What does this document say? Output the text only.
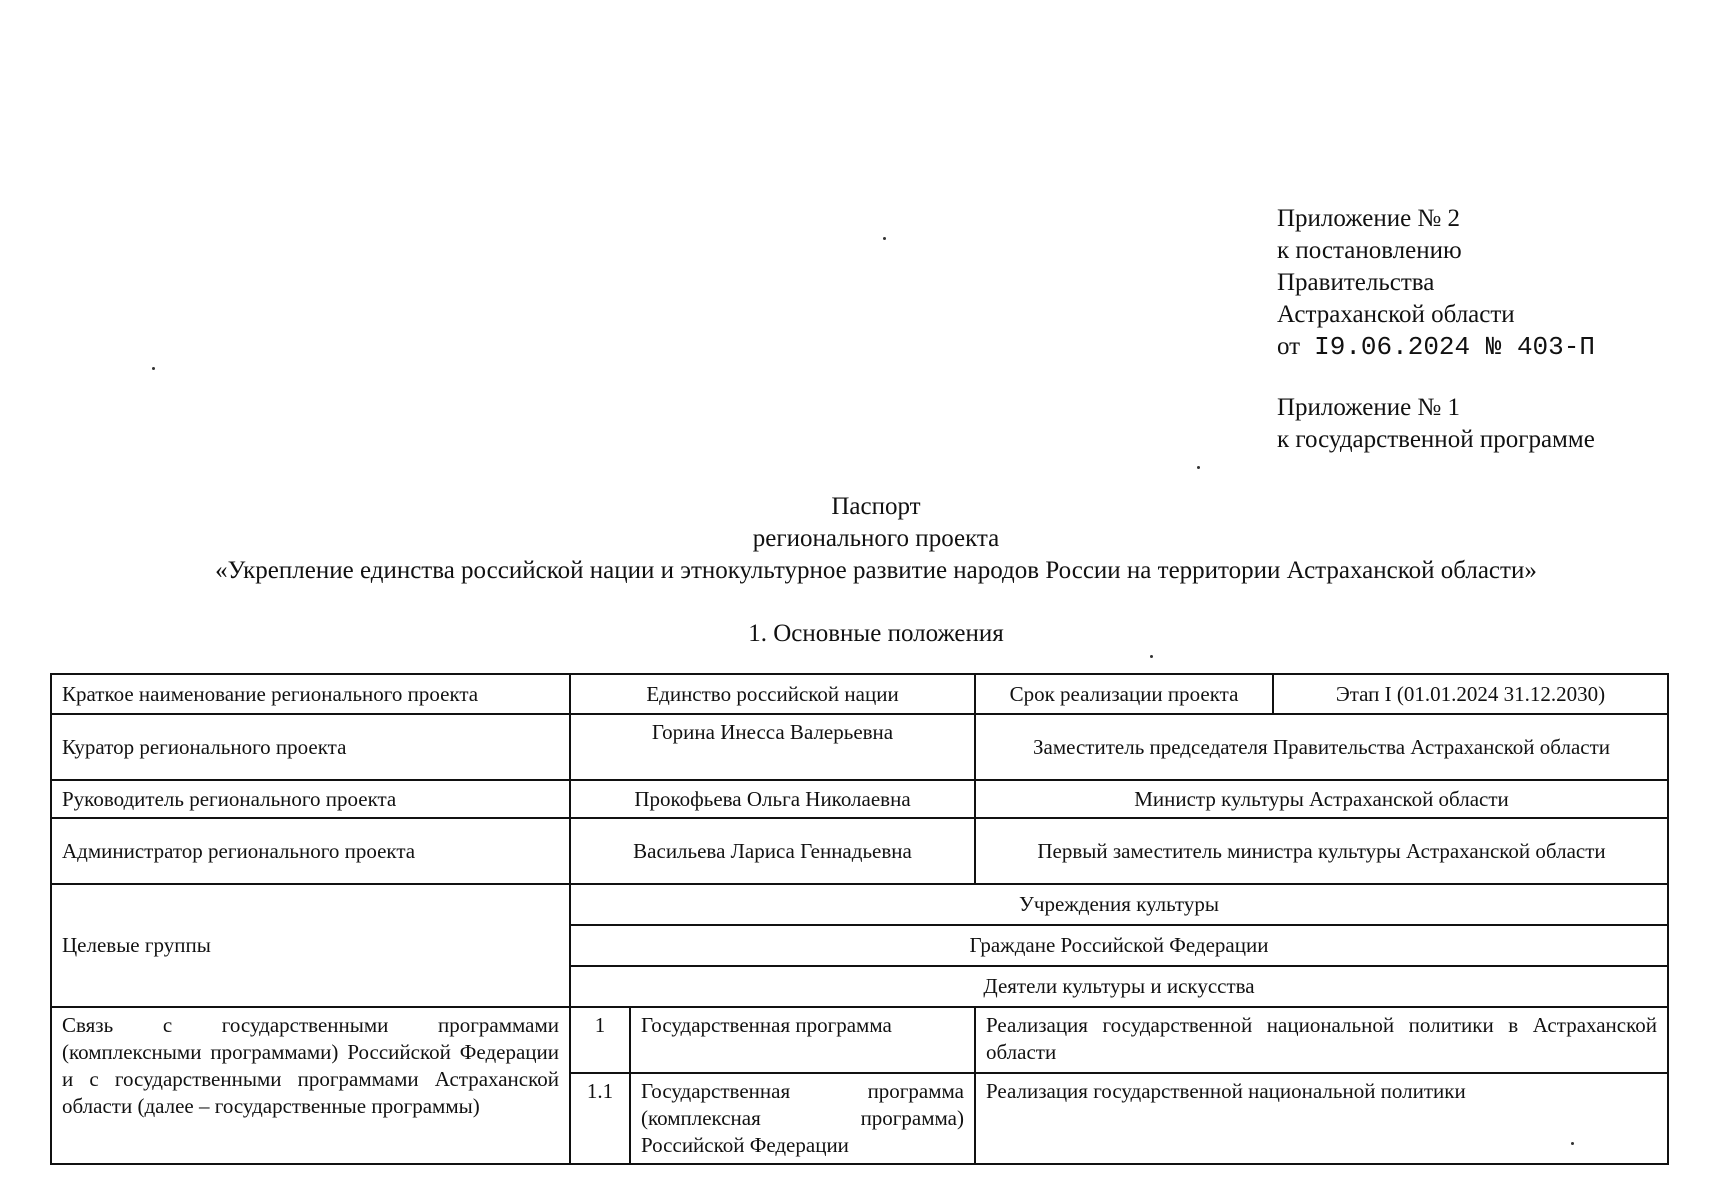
Приложение № 2
к постановлению
Правительства
Астраханской области
от I9.06.2024 № 403-П
Приложение № 1
к государственной программе
Паспорт
регионального проекта
«Укрепление единства российской нации и этнокультурное развитие народов России на территории Астраханской области»
1. Основные положения
Краткое наименование регионального проекта	Единство российской нации		Срок реализации проекта	Этап I (01.01.2024 31.12.2030)
Куратор регионального проекта	Горина Инесса Валерьевна		Заместитель председателя Правительства Астраханской области	
Руководитель регионального проекта	Прокофьева Ольга Николаевна		Министр культуры Астраханской области	
Администратор регионального проекта	Васильева Лариса Геннадьевна		Первый заместитель министра культуры Астраханской области	
Целевые группы	Учреждения культуры			
	Граждане Российской Федерации			
	Деятели культуры и искусства			
Связь с государственными программами (комплексными программами) Российской Федерации и с государственными программами Астраханской области (далее – государственные программы)	1	Государственная программа	Реализация государственной национальной политики в Астраханской области	
	1.1	Государственная программа (комплексная программа) Российской Федерации	Реализация государственной национальной политики	
